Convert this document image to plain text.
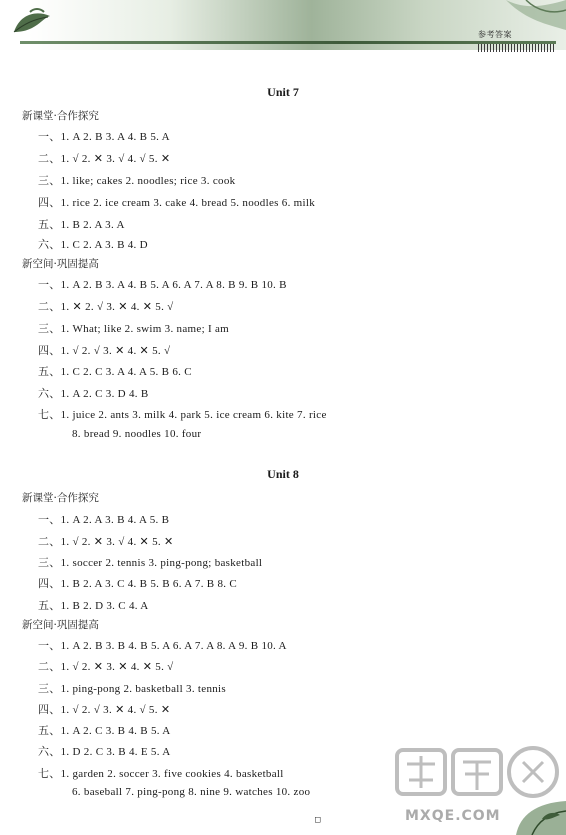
参考答案
Unit 7
新课堂·合作探究
一、1. A 2. B 3. A 4. B 5. A
二、1. √ 2. ✕ 3. √ 4. √ 5. ✕
三、1. like; cakes 2. noodles; rice 3. cook
四、1. rice 2. ice cream 3. cake 4. bread 5. noodles 6. milk
五、1. B 2. A 3. A
六、1. C 2. A 3. B 4. D
新空间·巩固提高
一、1. A 2. B 3. A 4. B 5. A 6. A 7. A 8. B 9. B 10. B
二、1. ✕ 2. √ 3. ✕ 4. ✕ 5. √
三、1. What; like 2. swim 3. name; I am
四、1. √ 2. √ 3. ✕ 4. ✕ 5. √
五、1. C 2. C 3. A 4. A 5. B 6. C
六、1. A 2. C 3. D 4. B
七、1. juice 2. ants 3. milk 4. park 5. ice cream 6. kite 7. rice
8. bread 9. noodles 10. four
Unit 8
新课堂·合作探究
一、1. A 2. A 3. B 4. A 5. B
二、1. √ 2. ✕ 3. √ 4. ✕ 5. ✕
三、1. soccer 2. tennis 3. ping-pong; basketball
四、1. B 2. A 3. C 4. B 5. B 6. A 7. B 8. C
五、1. B 2. D 3. C 4. A
新空间·巩固提高
一、1. A 2. B 3. B 4. B 5. A 6. A 7. A 8. A 9. B 10. A
二、1. √ 2. ✕ 3. ✕ 4. ✕ 5. √
三、1. ping-pong 2. basketball 3. tennis
四、1. √ 2. √ 3. ✕ 4. √ 5. ✕
五、1. A 2. C 3. B 4. B 5. A
六、1. D 2. C 3. B 4. E 5. A
七、1. garden 2. soccer 3. five cookies 4. basketball
6. baseball 7. ping-pong 8. nine 9. watches 10. zoo
MXQE.COM
□
